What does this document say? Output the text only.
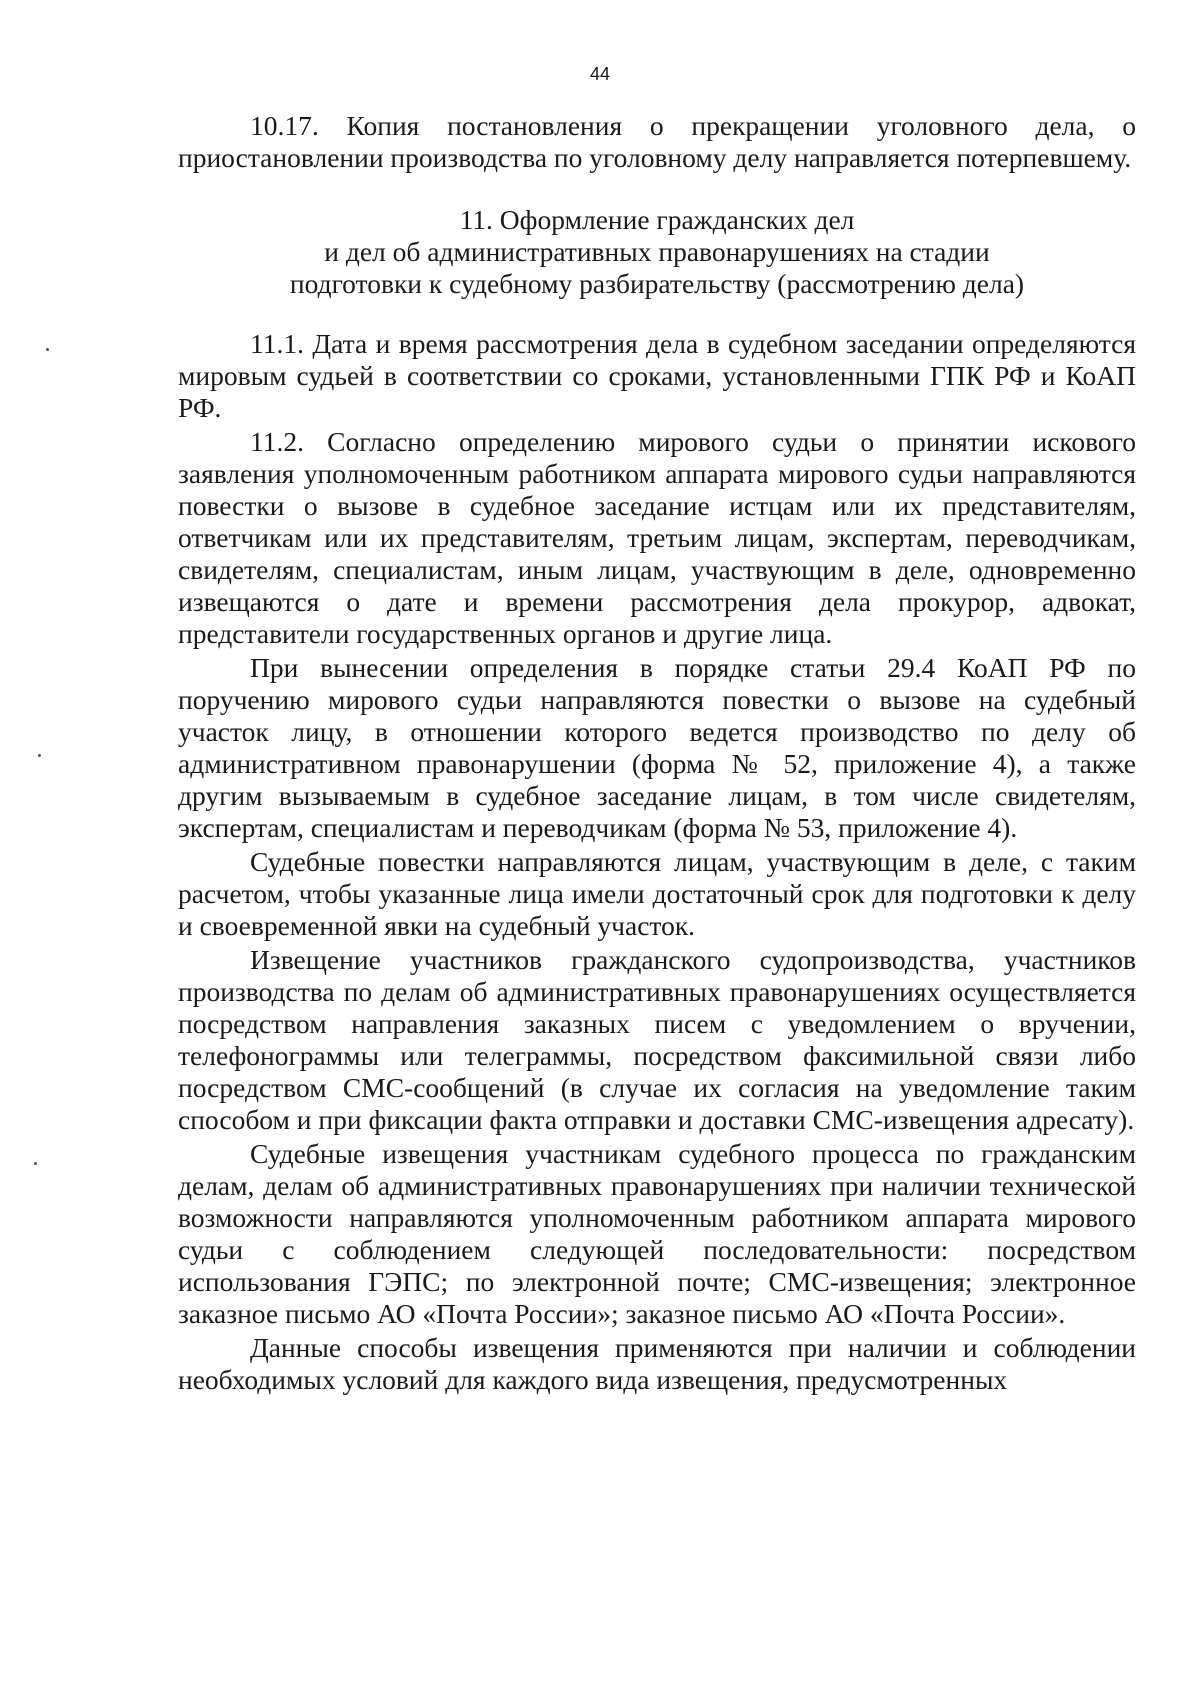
44

10.17. Копия постановления о прекращении уголовного дела, о приостановлении производства по уголовному делу направляется потерпевшему.

11. Оформление гражданских дел
и дел об административных правонарушениях на стадии
подготовки к судебному разбирательству (рассмотрению дела)

11.1. Дата и время рассмотрения дела в судебном заседании определяются мировым судьей в соответствии со сроками, установленными ГПК РФ и КоАП РФ.

11.2. Согласно определению мирового судьи о принятии искового заявления уполномоченным работником аппарата мирового судьи направляются повестки о вызове в судебное заседание истцам или их представителям, ответчикам или их представителям, третьим лицам, экспертам, переводчикам, свидетелям, специалистам, иным лицам, участвующим в деле, одновременно извещаются о дате и времени рассмотрения дела прокурор, адвокат, представители государственных органов и другие лица.

При вынесении определения в порядке статьи 29.4 КоАП РФ по поручению мирового судьи направляются повестки о вызове на судебный участок лицу, в отношении которого ведется производство по делу об административном правонарушении (форма № 52, приложение 4), а также другим вызываемым в судебное заседание лицам, в том числе свидетелям, экспертам, специалистам и переводчикам (форма № 53, приложение 4).

Судебные повестки направляются лицам, участвующим в деле, с таким расчетом, чтобы указанные лица имели достаточный срок для подготовки к делу и своевременной явки на судебный участок.

Извещение участников гражданского судопроизводства, участников производства по делам об административных правонарушениях осуществляется посредством направления заказных писем с уведомлением о вручении, телефонограммы или телеграммы, посредством факсимильной связи либо посредством СМС-сообщений (в случае их согласия на уведомление таким способом и при фиксации факта отправки и доставки СМС-извещения адресату).

Судебные извещения участникам судебного процесса по гражданским делам, делам об административных правонарушениях при наличии технической возможности направляются уполномоченным работником аппарата мирового судьи с соблюдением следующей последовательности: посредством использования ГЭПС; по электронной почте; СМС-извещения; электронное заказное письмо АО «Почта России»; заказное письмо АО «Почта России».

Данные способы извещения применяются при наличии и соблюдении необходимых условий для каждого вида извещения, предусмотренных
